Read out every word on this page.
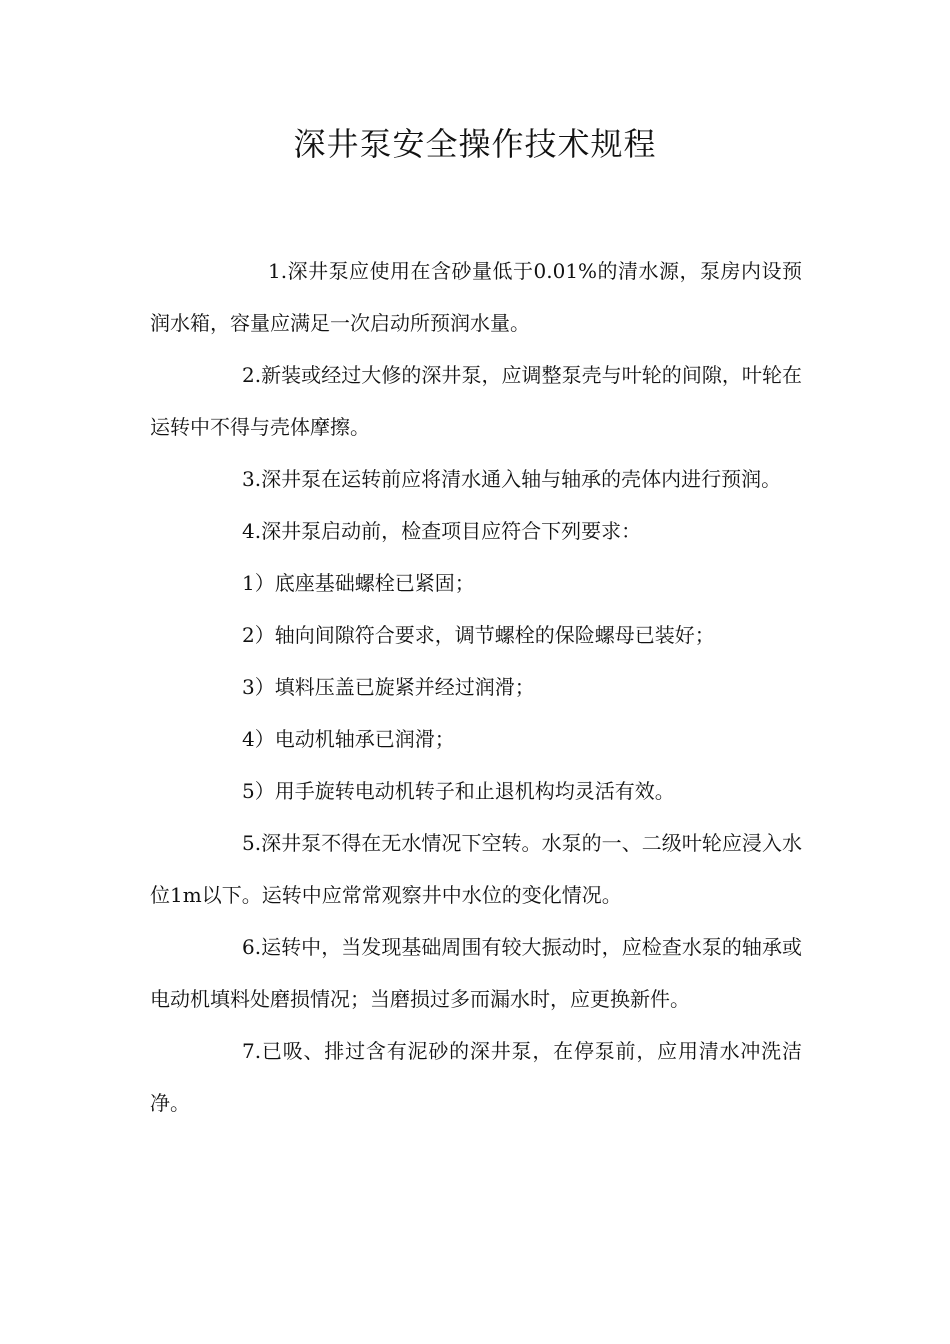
深井泵安全操作技术规程

1.深井泵应使用在含砂量低于0.01%的清水源，泵房内设预润水箱，容量应满足一次启动所预润水量。

2.新装或经过大修的深井泵，应调整泵壳与叶轮的间隙，叶轮在运转中不得与壳体摩擦。

3.深井泵在运转前应将清水通入轴与轴承的壳体内进行预润。

4.深井泵启动前，检查项目应符合下列要求：

1）底座基础螺栓已紧固；

2）轴向间隙符合要求，调节螺栓的保险螺母已装好；

3）填料压盖已旋紧并经过润滑；

4）电动机轴承已润滑；

5）用手旋转电动机转子和止退机构均灵活有效。

5.深井泵不得在无水情况下空转。水泵的一、二级叶轮应浸入水位1m以下。运转中应常常观察井中水位的变化情况。

6.运转中，当发现基础周围有较大振动时，应检查水泵的轴承或电动机填料处磨损情况；当磨损过多而漏水时，应更换新件。

7.已吸、排过含有泥砂的深井泵，在停泵前，应用清水冲洗洁净。
